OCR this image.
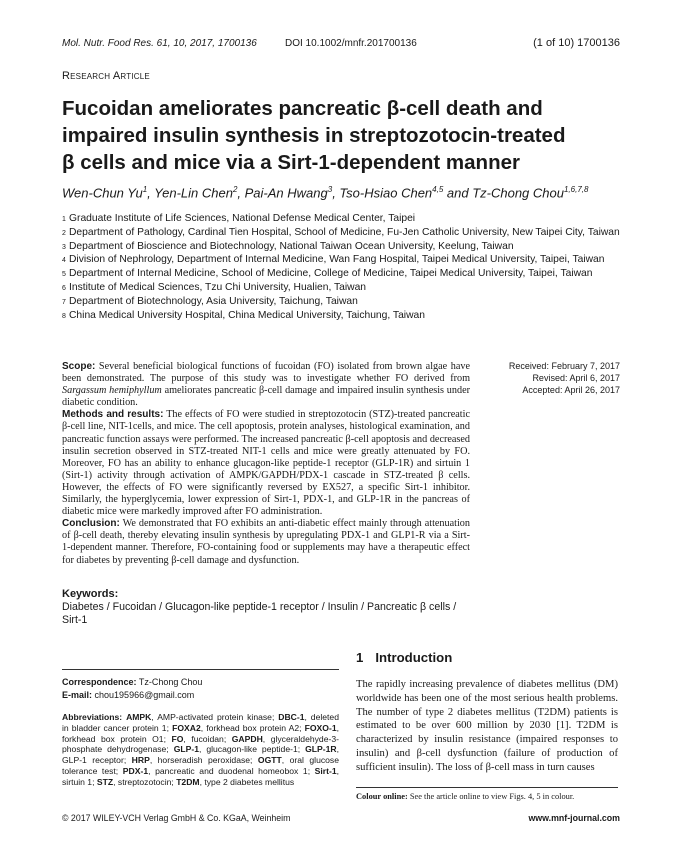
Mol. Nutr. Food Res. 61, 10, 2017, 1700136	DOI 10.1002/mnfr.201700136	(1 of 10) 1700136
Research Article
Fucoidan ameliorates pancreatic β-cell death and
impaired insulin synthesis in streptozotocin-treated
β cells and mice via a Sirt-1-dependent manner
Wen-Chun Yu$^1$, Yen-Lin Chen$^2$, Pai-An Hwang$^3$, Tso-Hsiao Chen$^{4,5}$ and Tz-Chong Chou$^{1,6,7,8}$
1 Graduate Institute of Life Sciences, National Defense Medical Center, Taipei
2 Department of Pathology, Cardinal Tien Hospital, School of Medicine, Fu-Jen Catholic University, New Taipei City, Taiwan
3 Department of Bioscience and Biotechnology, National Taiwan Ocean University, Keelung, Taiwan
4 Division of Nephrology, Department of Internal Medicine, Wan Fang Hospital, Taipei Medical University, Taipei, Taiwan
5 Department of Internal Medicine, School of Medicine, College of Medicine, Taipei Medical University, Taipei, Taiwan
6 Institute of Medical Sciences, Tzu Chi University, Hualien, Taiwan
7 Department of Biotechnology, Asia University, Taichung, Taiwan
8 China Medical University Hospital, China Medical University, Taichung, Taiwan

Scope: Several beneficial biological functions of fucoidan (FO) isolated from brown algae have been demonstrated. The purpose of this study was to investigate whether FO derived from Sargassum hemiphyllum ameliorates pancreatic β-cell damage and impaired insulin synthesis under diabetic condition.

Methods and results: The effects of FO were studied in streptozotocin (STZ)-treated pancreatic β-cell line, NIT-1cells, and mice. The cell apoptosis, protein analyses, histological examination, and pancreatic function assays were performed. The increased pancreatic β-cell apoptosis and decreased insulin secretion observed in STZ-treated NIT-1 cells and mice were greatly attenuated by FO. Moreover, FO has an ability to enhance glucagon-like peptide-1 receptor (GLP-1R) and sirtuin 1 (Sirt-1) activity through activation of AMPK/GAPDH/PDX-1 cascade in STZ-treated β cells. However, the effects of FO were significantly reversed by EX527, a specific Sirt-1 inhibitor. Similarly, the hyperglycemia, lower expression of Sirt-1, PDX-1, and GLP-1R in the pancreas of diabetic mice were markedly improved after FO administration.

Conclusion: We demonstrated that FO exhibits an anti-diabetic effect mainly through attenuation of β-cell death, thereby elevating insulin synthesis by upregulating PDX-1 and GLP1-R via a Sirt-1-dependent manner. Therefore, FO-containing food or supplements may have a therapeutic effect for diabetes by preventing β-cell damage and dysfunction.

Received: February 7, 2017
Revised: April 6, 2017
Accepted: April 26, 2017
Keywords:
Diabetes / Fucoidan / Glucagon-like peptide-1 receptor / Insulin / Pancreatic β cells / Sirt-1
Correspondence: Tz-Chong Chou
E-mail: chou195966@gmail.com
Abbreviations: AMPK, AMP-activated protein kinase; DBC-1, deleted in bladder cancer protein 1; FOXA2, forkhead box protein A2; FOXO-1, forkhead box protein O1; FO, fucoidan; GAPDH, glyceraldehyde-3-phosphate dehydrogenase; GLP-1, glucagon-like peptide-1; GLP-1R, GLP-1 receptor; HRP, horseradish peroxidase; OGTT, oral glucose tolerance test; PDX-1, pancreatic and duodenal homeobox 1; Sirt-1, sirtuin 1; STZ, streptozotocin; T2DM, type 2 diabetes mellitus
1 Introduction
The rapidly increasing prevalence of diabetes mellitus (DM) worldwide has been one of the most serious health problems. The number of type 2 diabetes mellitus (T2DM) patients is estimated to be over 600 million by 2030 [1]. T2DM is characterized by insulin resistance (impaired responses to insulin) and β-cell dysfunction (failure of production of sufficient insulin). The loss of β-cell mass in turn causes
Colour online: See the article online to view Figs. 4, 5 in colour.
© 2017 WILEY-VCH Verlag GmbH & Co. KGaA, Weinheim	www.mnf-journal.com
